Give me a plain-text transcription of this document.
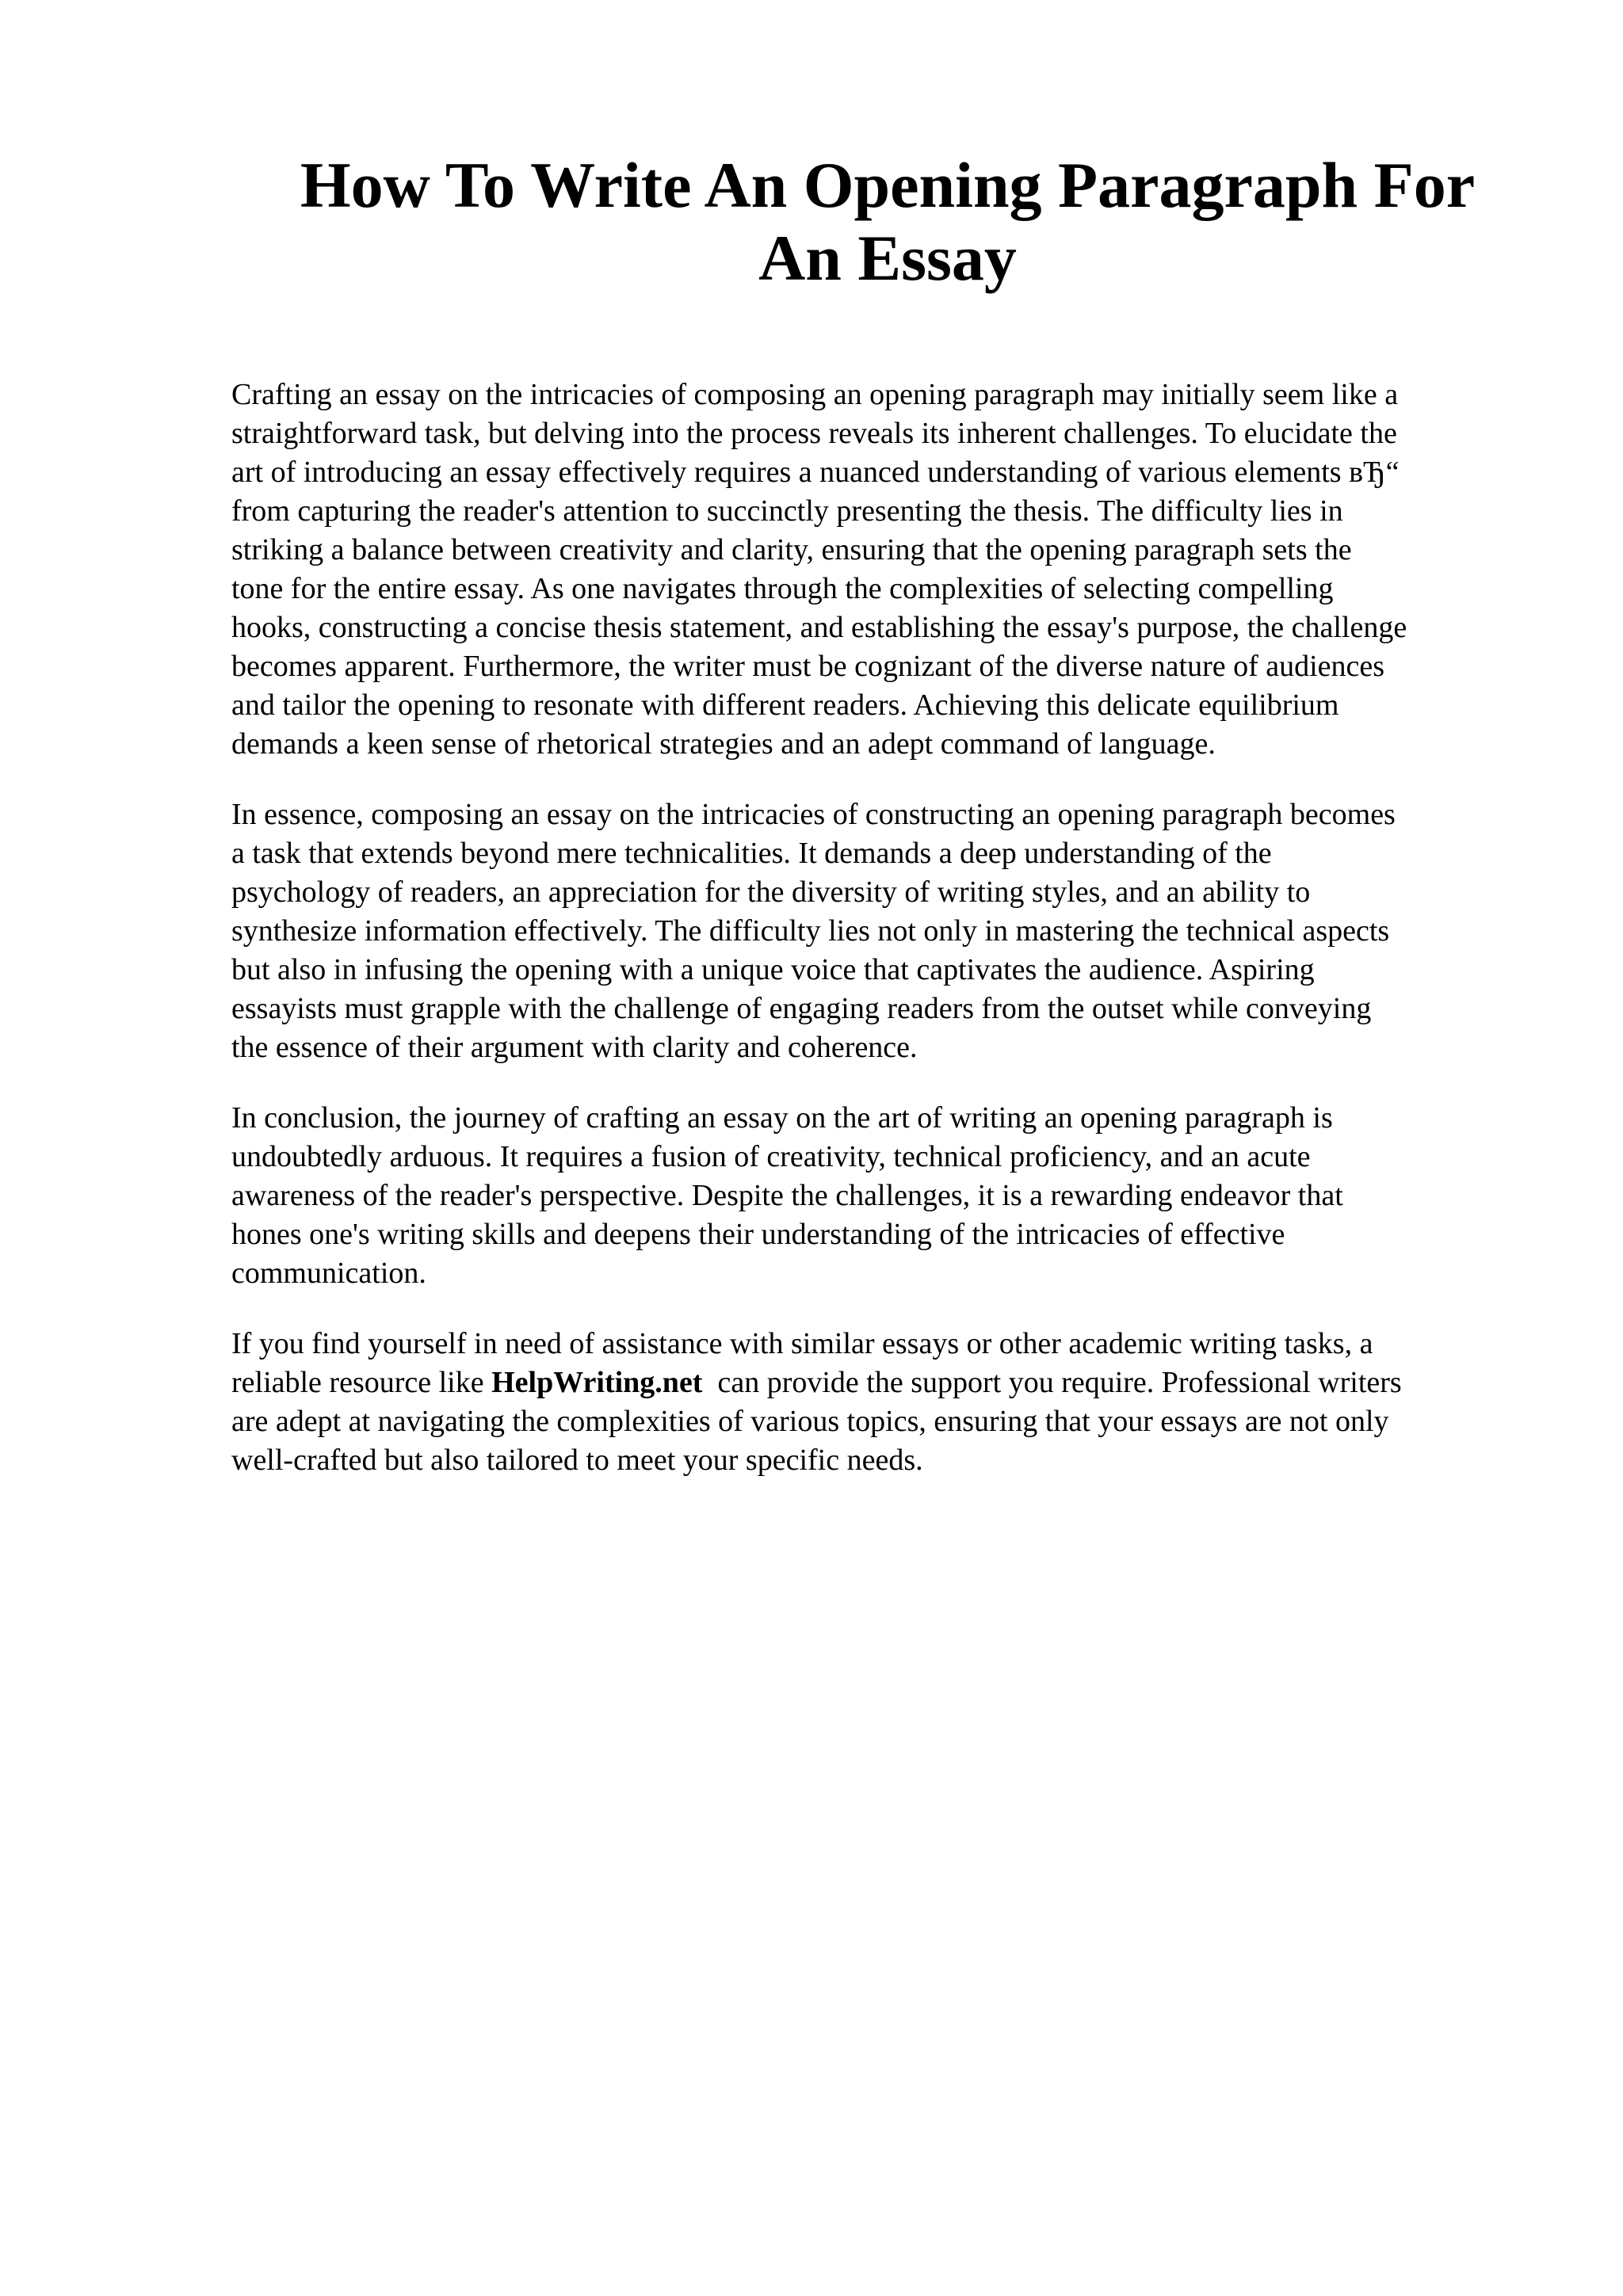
How To Write An Opening Paragraph For
An Essay

Crafting an essay on the intricacies of composing an opening paragraph may initially seem like a
straightforward task, but delving into the process reveals its inherent challenges. To elucidate the
art of introducing an essay effectively requires a nuanced understanding of various elements вЂ“
from capturing the reader's attention to succinctly presenting the thesis. The difficulty lies in
striking a balance between creativity and clarity, ensuring that the opening paragraph sets the
tone for the entire essay. As one navigates through the complexities of selecting compelling
hooks, constructing a concise thesis statement, and establishing the essay's purpose, the challenge
becomes apparent. Furthermore, the writer must be cognizant of the diverse nature of audiences
and tailor the opening to resonate with different readers. Achieving this delicate equilibrium
demands a keen sense of rhetorical strategies and an adept command of language.

In essence, composing an essay on the intricacies of constructing an opening paragraph becomes
a task that extends beyond mere technicalities. It demands a deep understanding of the
psychology of readers, an appreciation for the diversity of writing styles, and an ability to
synthesize information effectively. The difficulty lies not only in mastering the technical aspects
but also in infusing the opening with a unique voice that captivates the audience. Aspiring
essayists must grapple with the challenge of engaging readers from the outset while conveying
the essence of their argument with clarity and coherence.

In conclusion, the journey of crafting an essay on the art of writing an opening paragraph is
undoubtedly arduous. It requires a fusion of creativity, technical proficiency, and an acute
awareness of the reader's perspective. Despite the challenges, it is a rewarding endeavor that
hones one's writing skills and deepens their understanding of the intricacies of effective
communication.

If you find yourself in need of assistance with similar essays or other academic writing tasks, a
reliable resource like HelpWriting.net  can provide the support you require. Professional writers
are adept at navigating the complexities of various topics, ensuring that your essays are not only
well-crafted but also tailored to meet your specific needs.
